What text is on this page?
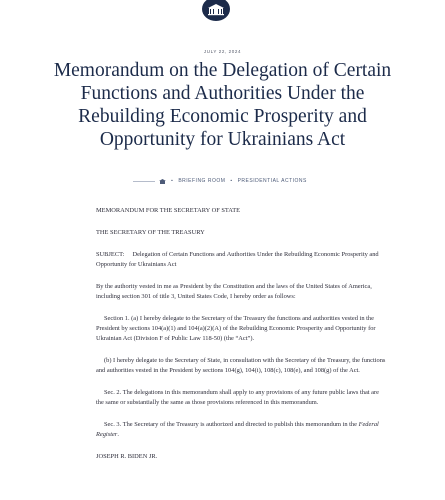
JULY 22, 2024
Memorandum on the Delegation of Certain Functions and Authorities Under the Rebuilding Economic Prosperity and Opportunity for Ukrainians Act
• BRIEFING ROOM • PRESIDENTIAL ACTIONS

MEMORANDUM FOR THE SECRETARY OF STATE

THE SECRETARY OF THE TREASURY

SUBJECT: Delegation of Certain Functions and Authorities Under the Rebuilding Economic Prosperity and Opportunity for Ukrainians Act

By the authority vested in me as President by the Constitution and the laws of the United States of America, including section 301 of title 3, United States Code, I hereby order as follows:

Section 1. (a) I hereby delegate to the Secretary of the Treasury the functions and authorities vested in the President by sections 104(a)(1) and 104(a)(2)(A) of the Rebuilding Economic Prosperity and Opportunity for Ukrainian Act (Division F of Public Law 118-50) (the “Act”).

(b) I hereby delegate to the Secretary of State, in consultation with the Secretary of the Treasury, the functions and authorities vested in the President by sections 104(g), 104(i), 108(c), 108(e), and 108(g) of the Act.

Sec. 2. The delegations in this memorandum shall apply to any provisions of any future public laws that are the same or substantially the same as those provisions referenced in this memorandum.

Sec. 3. The Secretary of the Treasury is authorized and directed to publish this memorandum in the Federal Register.

JOSEPH R. BIDEN JR.
